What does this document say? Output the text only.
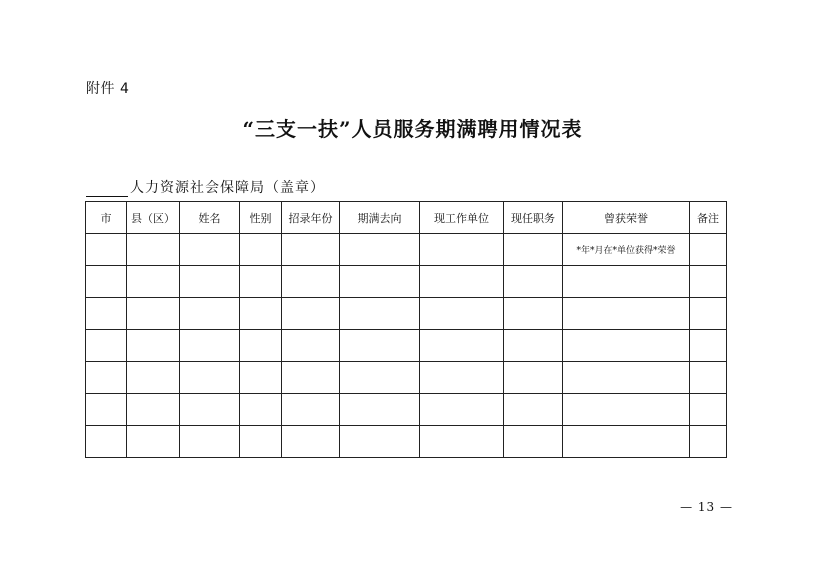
附件 4
“三支一扶”人员服务期满聘用情况表
人力资源社会保障局（盖章）
市	县（区）	姓名	性别	招录年份	期满去向	现工作单位	现任职务	曾获荣誉	备注
								*年*月在*单位获得*荣誉	

— 13 —
